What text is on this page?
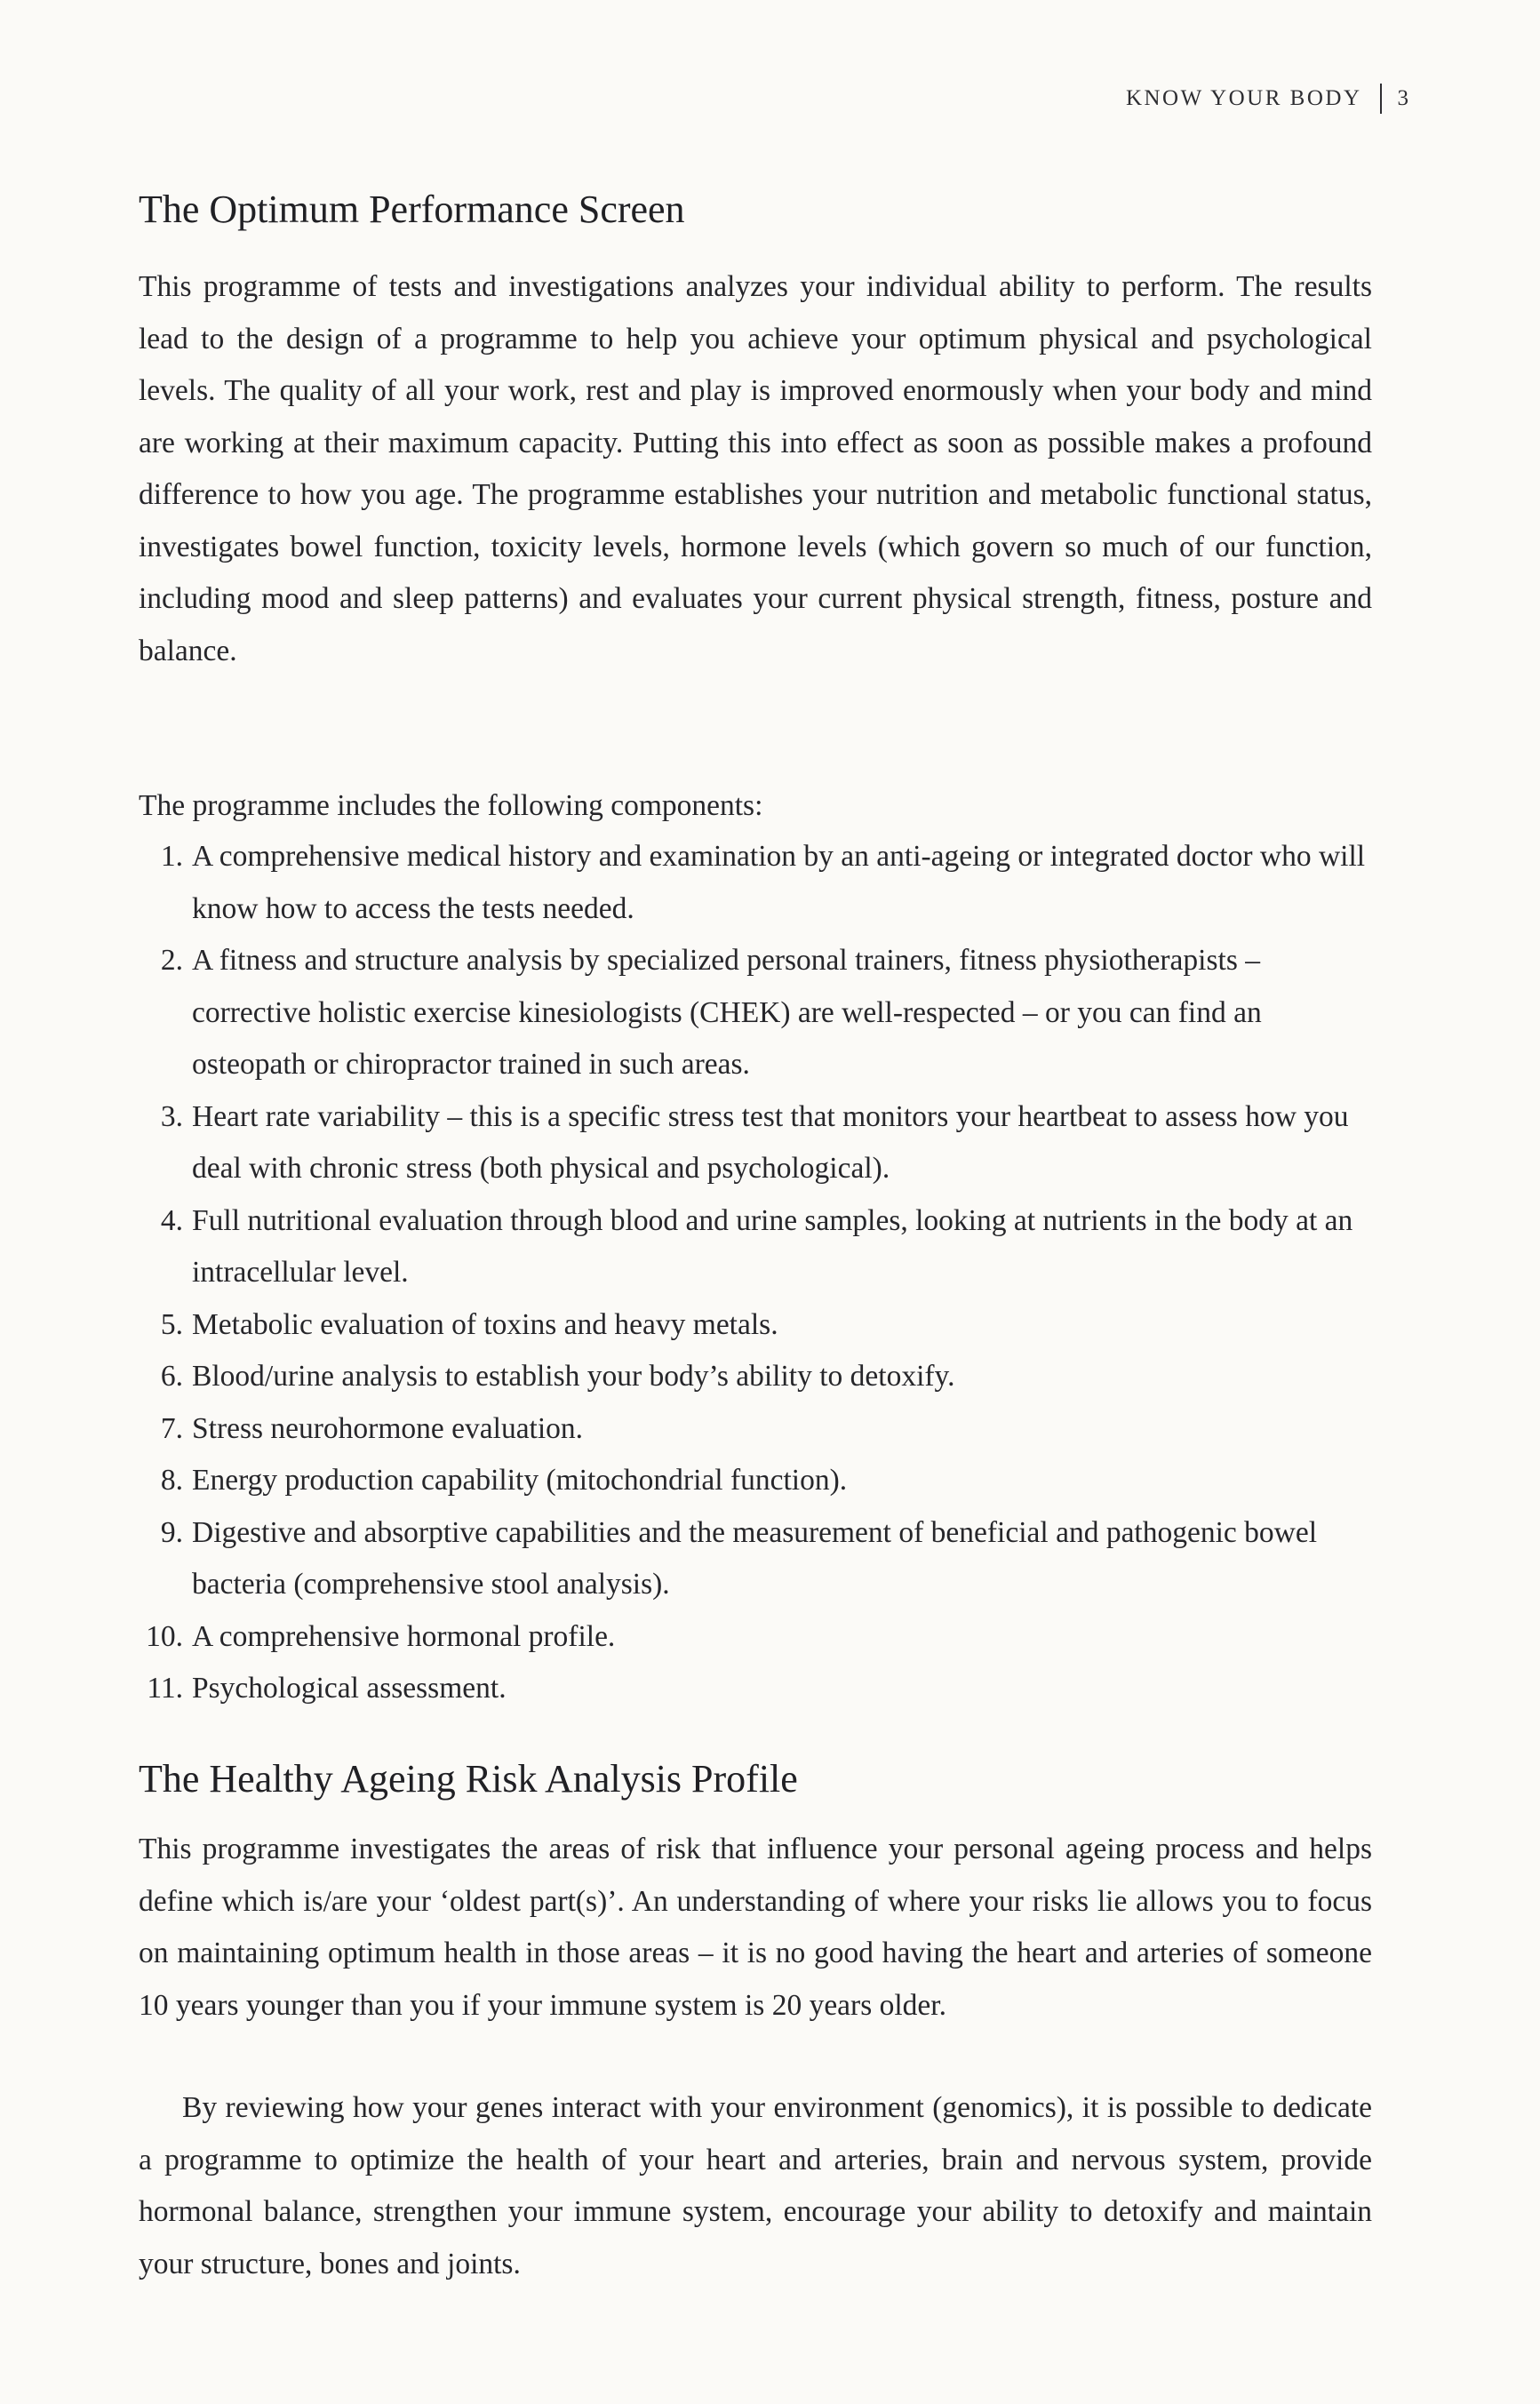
KNOW YOUR BODY 3
The Optimum Performance Screen

This programme of tests and investigations analyzes your individual ability to perform. The results lead to the design of a programme to help you achieve your optimum physical and psychological levels. The quality of all your work, rest and play is improved enormously when your body and mind are working at their maximum capacity. Putting this into effect as soon as possible makes a profound difference to how you age. The programme establishes your nutrition and metabolic functional status, investigates bowel function, toxicity levels, hormone levels (which govern so much of our function, including mood and sleep patterns) and evaluates your current physical strength, fitness, posture and balance.

The programme includes the following components:

1. A comprehensive medical history and examination by an anti-ageing or integrated doctor who will know how to access the tests needed.
2. A fitness and structure analysis by specialized personal trainers, fitness physiotherapists – corrective holistic exercise kinesiologists (CHEK) are well-respected – or you can find an osteopath or chiropractor trained in such areas.
3. Heart rate variability – this is a specific stress test that monitors your heartbeat to assess how you deal with chronic stress (both physical and psychological).
4. Full nutritional evaluation through blood and urine samples, looking at nutrients in the body at an intracellular level.
5. Metabolic evaluation of toxins and heavy metals.
6. Blood/urine analysis to establish your body’s ability to detoxify.
7. Stress neurohormone evaluation.
8. Energy production capability (mitochondrial function).
9. Digestive and absorptive capabilities and the measurement of beneficial and pathogenic bowel bacteria (comprehensive stool analysis).
10. A comprehensive hormonal profile.
11. Psychological assessment.
The Healthy Ageing Risk Analysis Profile

This programme investigates the areas of risk that influence your personal ageing process and helps define which is/are your ‘oldest part(s)’. An understanding of where your risks lie allows you to focus on maintaining optimum health in those areas – it is no good having the heart and arteries of someone 10 years younger than you if your immune system is 20 years older.

By reviewing how your genes interact with your environment (genomics), it is possible to dedicate a programme to optimize the health of your heart and arteries, brain and nervous system, provide hormonal balance, strengthen your immune system, encourage your ability to detoxify and maintain your structure, bones and joints.
